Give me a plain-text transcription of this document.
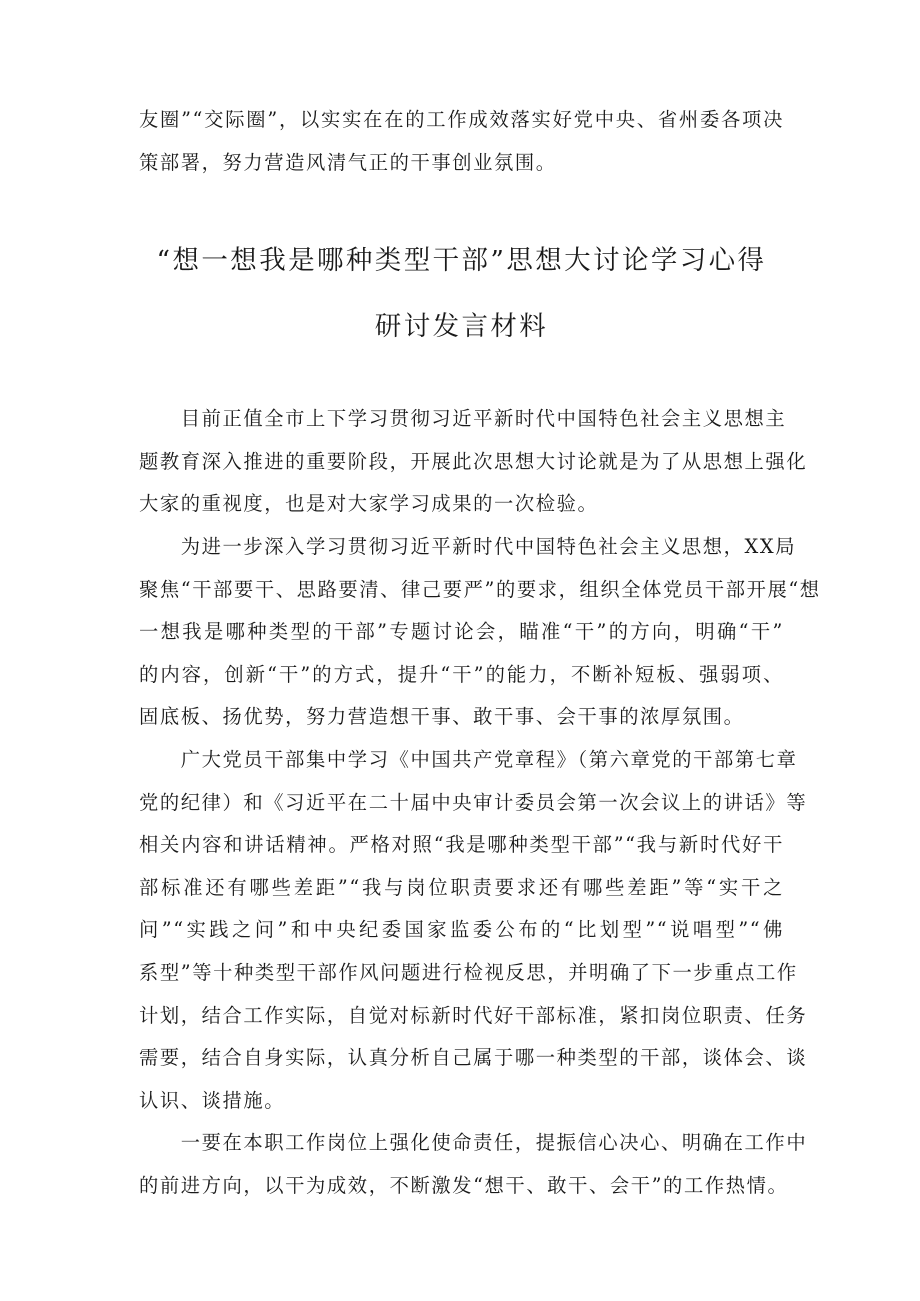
友圈”“交际圈”，以实实在在的工作成效落实好党中央、省州委各项决
策部署，努力营造风清气正的干事创业氛围。

“想一想我是哪种类型干部”思想大讨论学习心得
研讨发言材料

　　目前正值全市上下学习贯彻习近平新时代中国特色社会主义思想主
题教育深入推进的重要阶段，开展此次思想大讨论就是为了从思想上强化
大家的重视度，也是对大家学习成果的一次检验。

　　为进一步深入学习贯彻习近平新时代中国特色社会主义思想，XX局
聚焦“干部要干、思路要清、律己要严”的要求，组织全体党员干部开展“想
一想我是哪种类型的干部”专题讨论会，瞄准“干”的方向，明确“干”
的内容，创新“干”的方式，提升“干”的能力，不断补短板、强弱项、
固底板、扬优势，努力营造想干事、敢干事、会干事的浓厚氛围。

　　广大党员干部集中学习《中国共产党章程》（第六章党的干部第七章
党的纪律）和《习近平在二十届中央审计委员会第一次会议上的讲话》等
相关内容和讲话精神。严格对照“我是哪种类型干部”“我与新时代好干
部标准还有哪些差距”“我与岗位职责要求还有哪些差距”等“实干之
问”“实践之问”和中央纪委国家监委公布的“比划型”“说唱型”“佛
系型”等十种类型干部作风问题进行检视反思，并明确了下一步重点工作
计划，结合工作实际，自觉对标新时代好干部标准，紧扣岗位职责、任务
需要，结合自身实际，认真分析自己属于哪一种类型的干部，谈体会、谈
认识、谈措施。

　　一要在本职工作岗位上强化使命责任，提振信心决心、明确在工作中
的前进方向，以干为成效，不断激发“想干、敢干、会干”的工作热情。
